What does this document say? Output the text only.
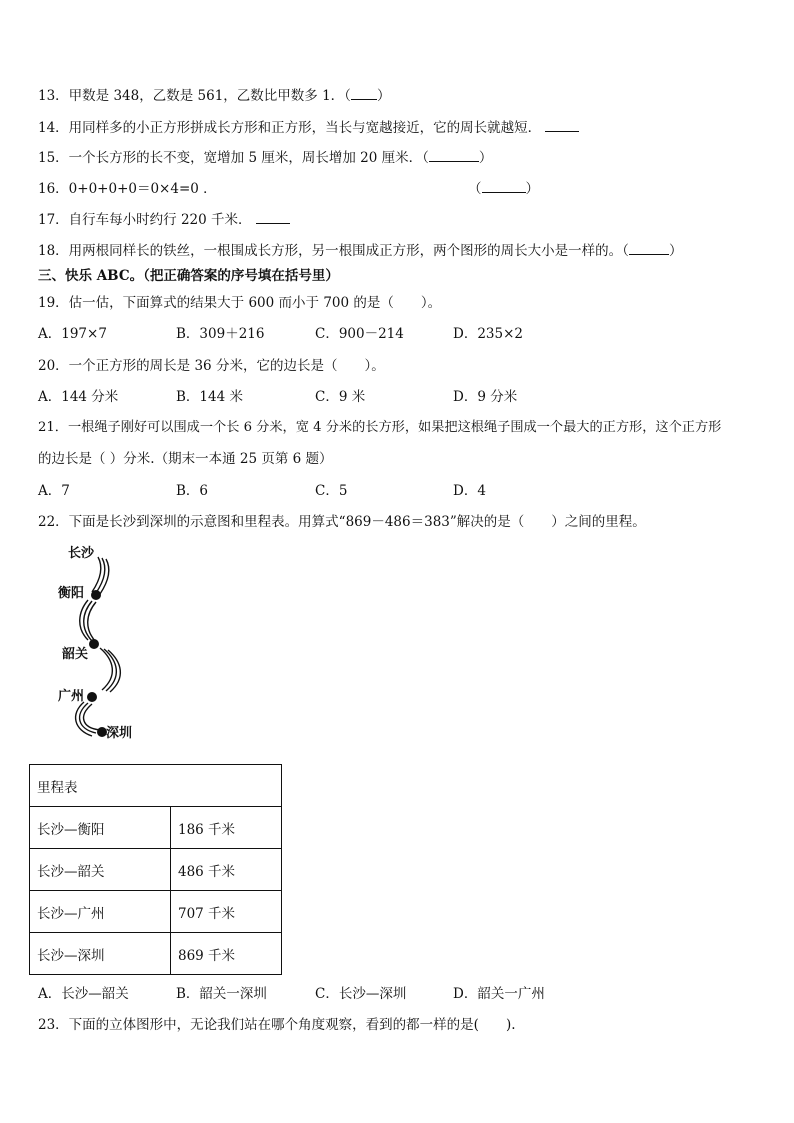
13．甲数是 348，乙数是 561，乙数比甲数多 1．（ ）
14．用同样多的小正方形拼成长方形和正方形，当长与宽越接近，它的周长就越短．
15．一个长方形的长不变，宽增加 5 厘米，周长增加 20 厘米．（	）
16．0+0+0+0＝0×4=0 ．	（	）
17．自行车每小时约行 220 千米．
18．用两根同样长的铁丝，一根围成长方形，另一根围成正方形，两个图形的周长大小是一样的。（	）
三、快乐 ABC。（把正确答案的序号填在括号里）
19．估一估，下面算式的结果大于 600 而小于 700 的是（　　）。
A．197×7	B．309＋216	C．900－214	D．235×2
20．一个正方形的周长是 36 分米，它的边长是（　　）。
A．144 分米	B．144 米	C．9 米	D．9 分米
21．一根绳子刚好可以围成一个长 6 分米，宽 4 分米的长方形，如果把这根绳子围成一个最大的正方形，这个正方形
的边长是（ ）分米.（期末一本通 25 页第 6 题）
A．7	B．6	C．5	D．4
22．下面是长沙到深圳的示意图和里程表。用算式“869－486＝383”解决的是（　　）之间的里程。
长沙
衡阳
韶关
广州
深圳
里程表	
长沙—衡阳	186 千米
长沙—韶关	486 千米
长沙—广州	707 千米
长沙—深圳	869 千米
A．长沙—韶关	B．韶关一深圳	C．长沙—深圳	D．韶关一广州
23．下面的立体图形中，无论我们站在哪个角度观察，看到的都一样的是(　　).
